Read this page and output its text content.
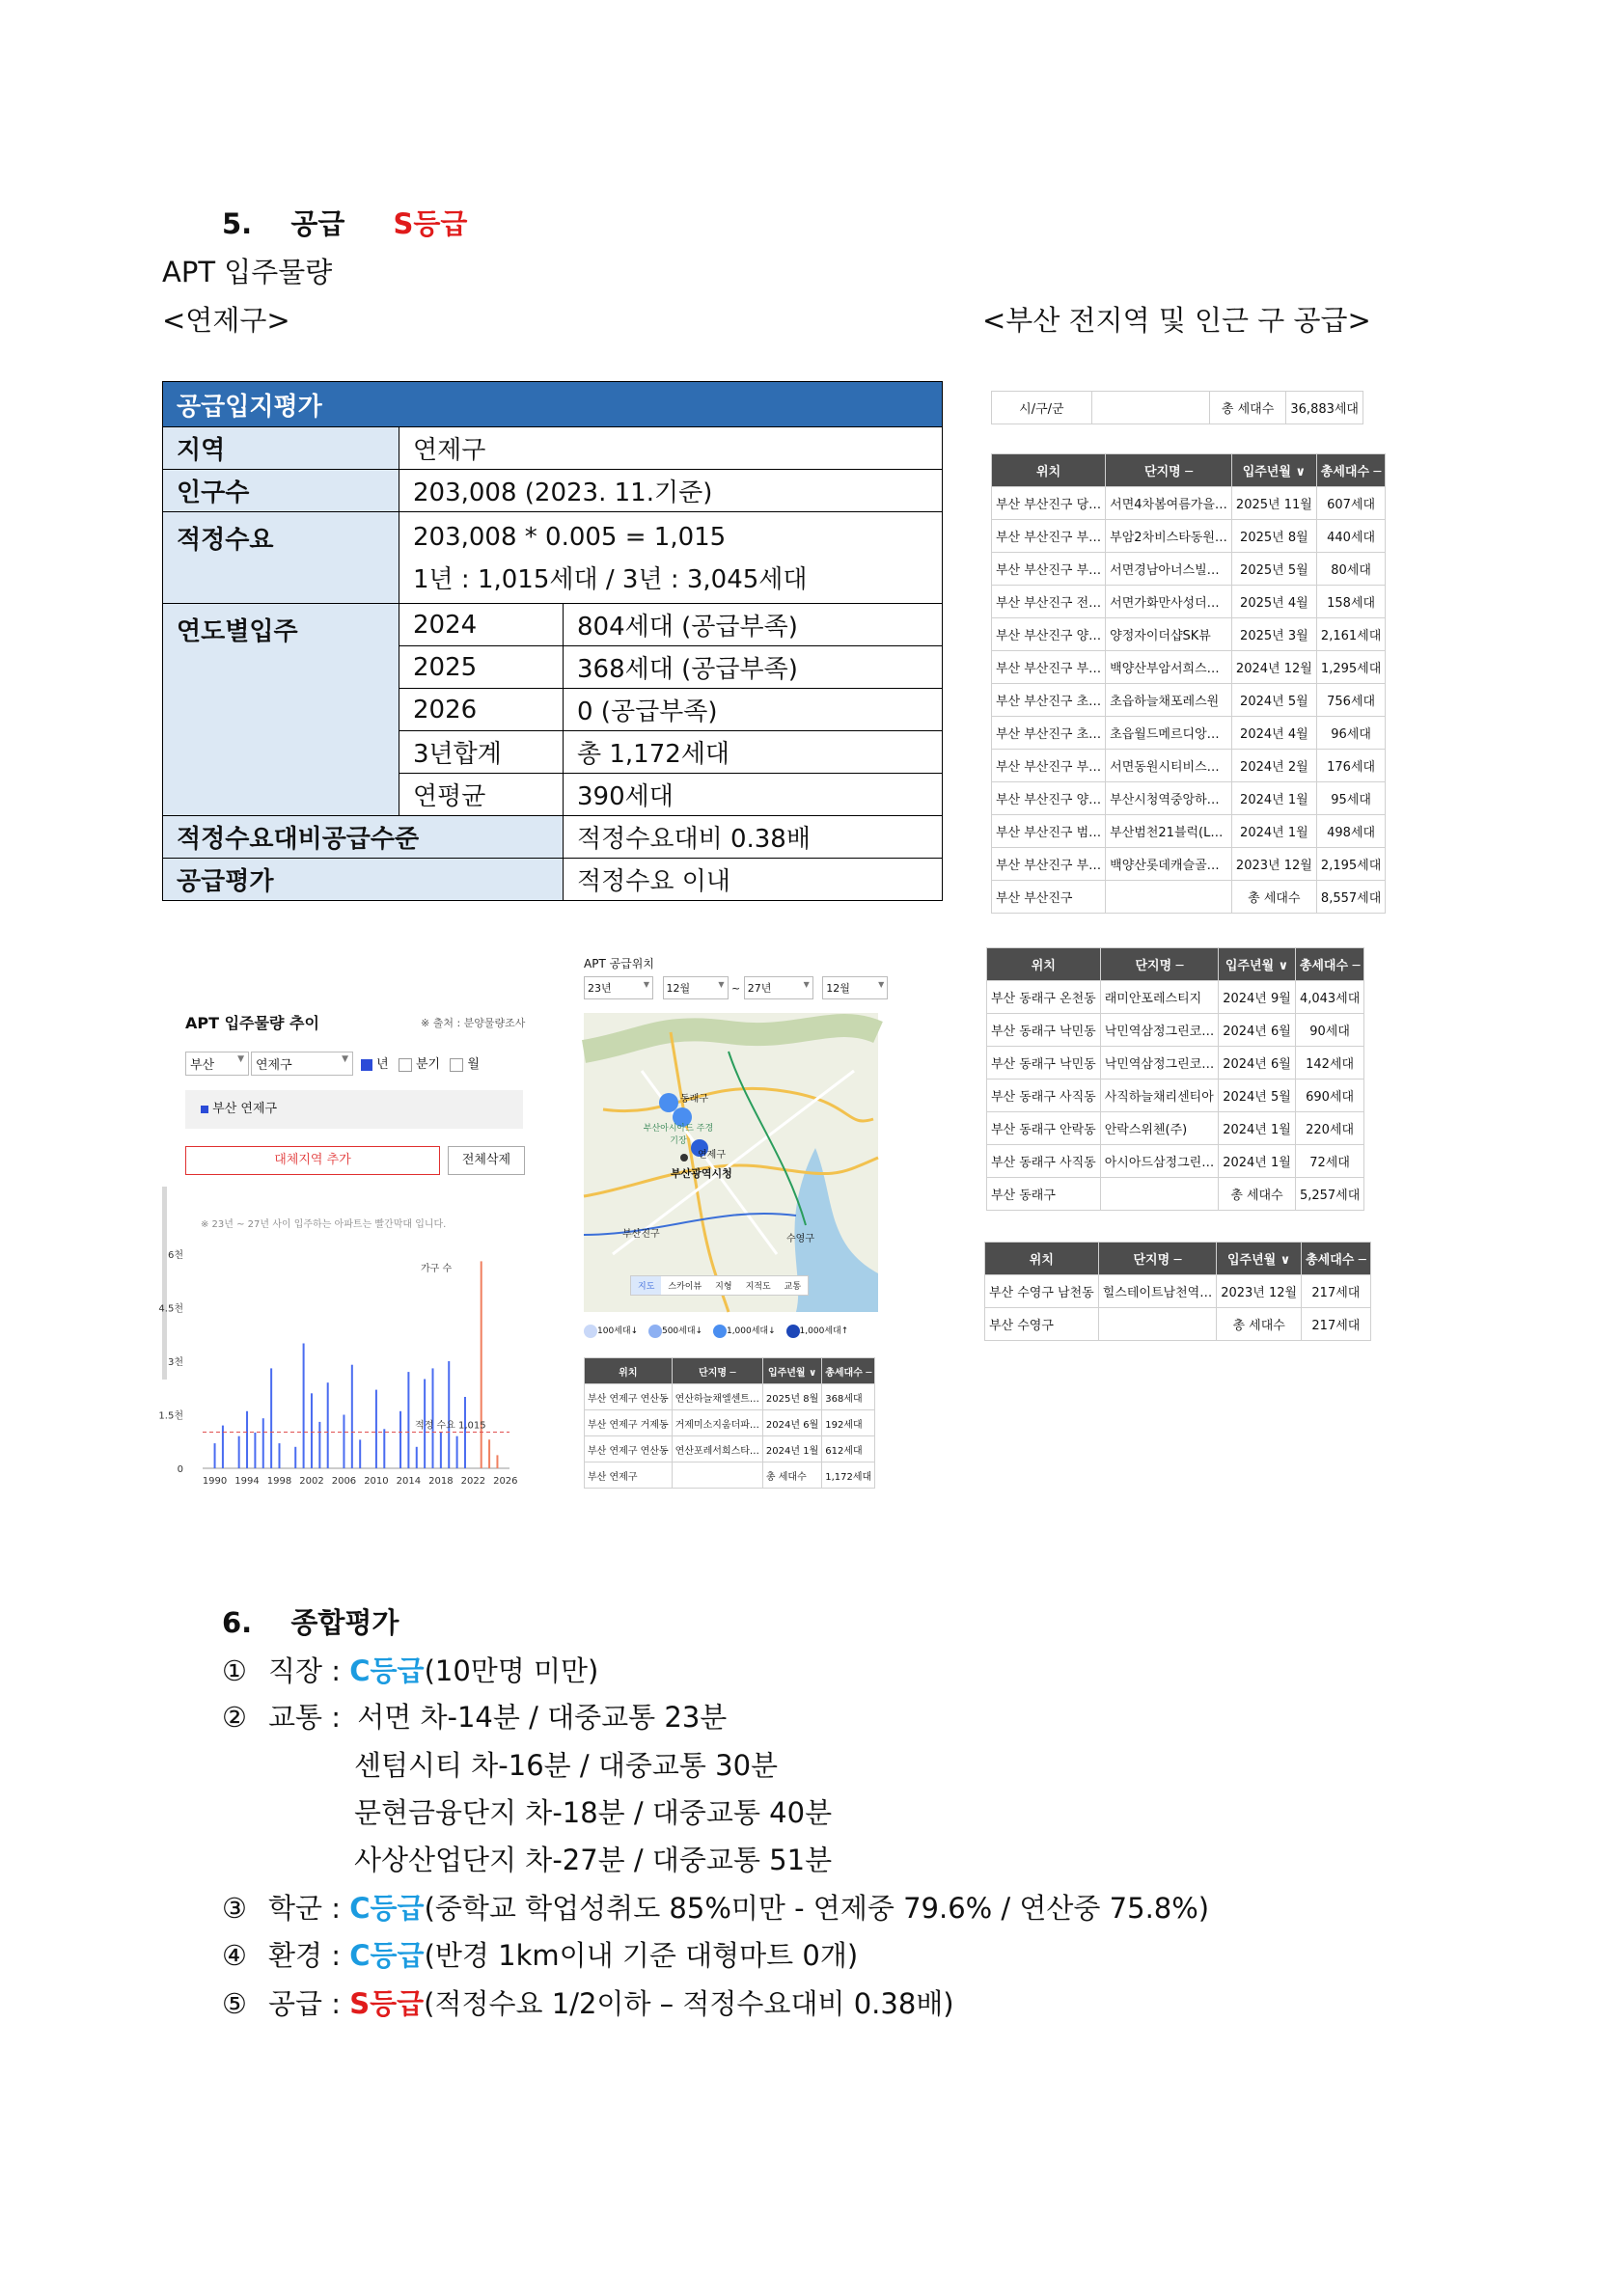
5. 공급 S등급
APT 입주물량
<연제구>	<부산 전지역 및 인근 구 공급>
공급입지평가		
지역	연제구	
인구수	203,008 (2023. 11.기준)	
적정수요	203,008 * 0.005 = 1,015
1년 : 1,015세대 / 3년 : 3,045세대	

연도별입주	2024	804세대 (공급부족)
	2025	368세대 (공급부족)
	2026	0 (공급부족)
	3년합계	총 1,172세대
	연평균	390세대
적정수요대비공급수준		적정수요대비 0.38배
공급평가		적정수요 이내
시/구/군		총 세대수	36,883세대
위치	단지명 ─	입주년월 ∨	총세대수 ─
부산 부산진구 당…	서면4차봄여름가을…	2025년 11월	607세대
부산 부산진구 부…	부암2차비스타동원…	2025년 8월	440세대
부산 부산진구 부…	서면경남아너스빌…	2025년 5월	80세대
부산 부산진구 전…	서면가화만사성더…	2025년 4월	158세대
부산 부산진구 양…	양정자이더샵SK뷰	2025년 3월	2,161세대
부산 부산진구 부…	백양산부암서희스…	2024년 12월	1,295세대
부산 부산진구 초…	초읍하늘채포레스원	2024년 5월	756세대
부산 부산진구 초…	초읍월드메르디앙…	2024년 4월	96세대
부산 부산진구 부…	서면동원시티비스…	2024년 2월	176세대
부산 부산진구 양…	부산시청역중앙하…	2024년 1월	95세대
부산 부산진구 범…	부산범천21블럭(L…	2024년 1월	498세대
부산 부산진구 부…	백양산롯데캐슬골…	2023년 12월	2,195세대
부산 부산진구		총 세대수	8,557세대
위치	단지명 ─	입주년월 ∨	총세대수 ─
부산 동래구 온천동	래미안포레스티지	2024년 9월	4,043세대
부산 동래구 낙민동	낙민역삼정그린코…	2024년 6월	90세대
부산 동래구 낙민동	낙민역삼정그린코…	2024년 6월	142세대
부산 동래구 사직동	사직하늘채리센티아	2024년 5월	690세대
부산 동래구 안락동	안락스위첸(주)	2024년 1월	220세대
부산 동래구 사직동	아시아드삼정그린…	2024년 1월	72세대
부산 동래구		총 세대수	5,257세대
위치	단지명 ─	입주년월 ∨	총세대수 ─
부산 수영구 남천동	힐스테이트남천역…	2023년 12월	217세대
부산 수영구		총 세대수	217세대
APT 입주물량 추이	※ 출처 : 분양물량조사
부산	▼ 연제구	▼	년 분기 월
부산 연제구
대체지역 추가	전체삭제
※ 23년 ~ 27년 사이 입주하는 아파트는 빨간막대 입니다.
6천
4.5천
3천
1.5천
0
1990 1994 1998 2002 2006 2010 2014 2018 2022 2026
적정 수요 1,015
가구 수
APT 공급위치
23년	▼ 12월	▼ ~ 27년	▼ 12월	▼
동래구
부산광역시청
연제구
부산아시아드 주경기장
부산진구	수영구
지도 스카이뷰 지형 지적도 교통
100세대↓	500세대↓	1,000세대↓	1,000세대↑
위치	단지명 ─	입주년월 ∨	총세대수 ─
부산 연제구 연산동	연산하늘채엘센트…	2025년 8월	368세대
부산 연제구 거제동	거제미소지움더파…	2024년 6월	192세대
부산 연제구 연산동	연산포레서희스타…	2024년 1월	612세대
부산 연제구		총 세대수	1,172세대
6. 종합평가
① 직장 : C등급(10만명 미만)
② 교통 : 서면 차-14분 / 대중교통 23분
센텀시티 차-16분 / 대중교통 30분
문현금융단지 차-18분 / 대중교통 40분
사상산업단지 차-27분 / 대중교통 51분
③ 학군 : C등급(중학교 학업성취도 85%미만 - 연제중 79.6% / 연산중 75.8%)
④ 환경 : C등급(반경 1km이내 기준 대형마트 0개)
⑤ 공급 : S등급(적정수요 1/2이하 – 적정수요대비 0.38배)
